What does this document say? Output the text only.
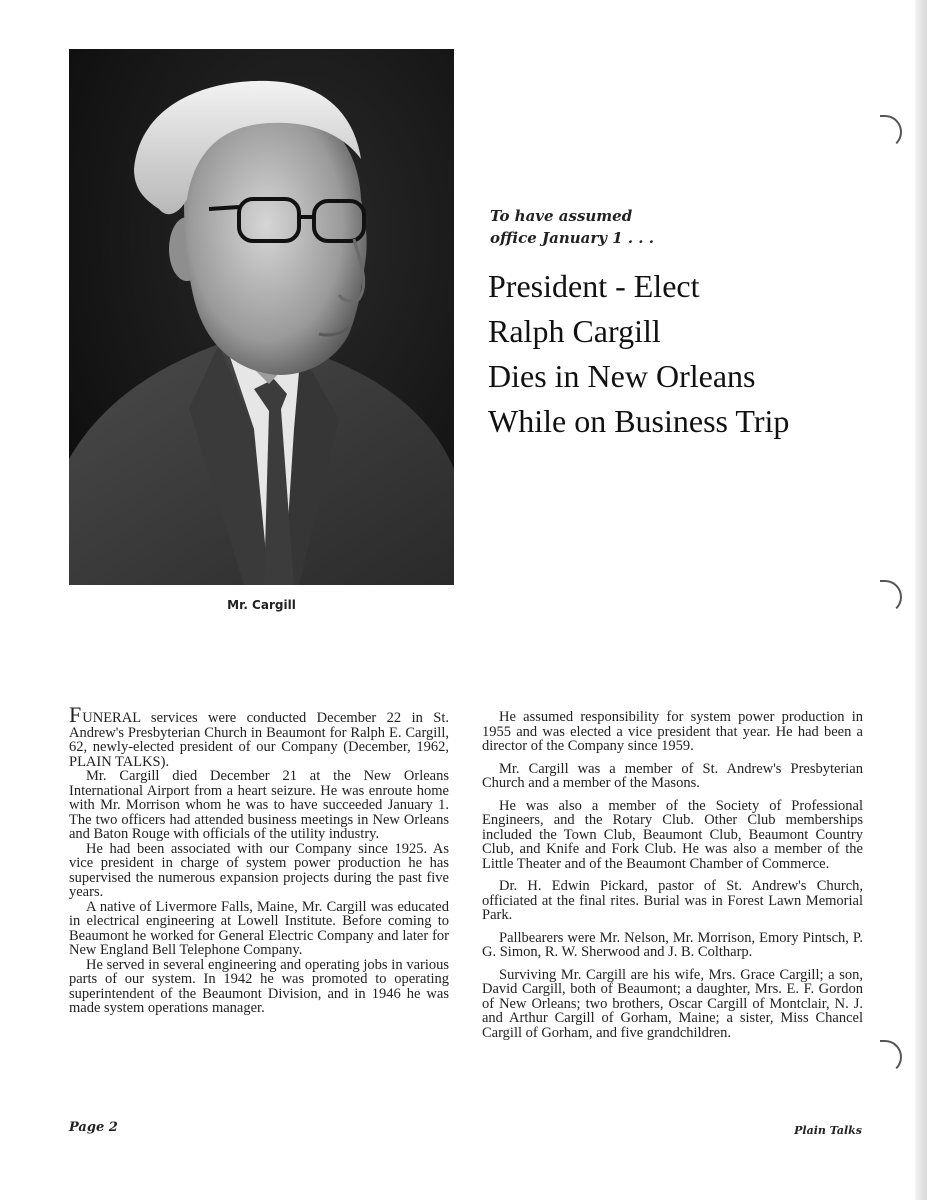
Mr. Cargill
To have assumed
office January 1 . . .
President - Elect
Ralph Cargill
Dies in New Orleans
While on Business Trip

FUNERAL services were conducted December 22 in St. Andrew's Presbyterian Church in Beaumont for Ralph E. Cargill, 62, newly-elected president of our Company (December, 1962, PLAIN TALKS).

Mr. Cargill died December 21 at the New Orleans International Airport from a heart seizure. He was enroute home with Mr. Morrison whom he was to have succeeded January 1. The two officers had attended business meetings in New Orleans and Baton Rouge with officials of the utility industry.

He had been associated with our Company since 1925. As vice president in charge of system power production he has supervised the numerous expansion projects during the past five years.

A native of Livermore Falls, Maine, Mr. Cargill was educated in electrical engineering at Lowell Institute. Before coming to Beaumont he worked for General Electric Company and later for New England Bell Telephone Company.

He served in several engineering and operating jobs in various parts of our system. In 1942 he was promoted to operating superintendent of the Beaumont Division, and in 1946 he was made system operations manager.

He assumed responsibility for system power production in 1955 and was elected a vice president that year. He had been a director of the Company since 1959.

Mr. Cargill was a member of St. Andrew's Presbyterian Church and a member of the Masons.

He was also a member of the Society of Professional Engineers, and the Rotary Club. Other Club memberships included the Town Club, Beaumont Club, Beaumont Country Club, and Knife and Fork Club. He was also a member of the Little Theater and of the Beaumont Chamber of Commerce.

Dr. H. Edwin Pickard, pastor of St. Andrew's Church, officiated at the final rites. Burial was in Forest Lawn Memorial Park.

Pallbearers were Mr. Nelson, Mr. Morrison, Emory Pintsch, P. G. Simon, R. W. Sherwood and J. B. Coltharp.

Surviving Mr. Cargill are his wife, Mrs. Grace Cargill; a son, David Cargill, both of Beaumont; a daughter, Mrs. E. F. Gordon of New Orleans; two brothers, Oscar Cargill of Montclair, N. J. and Arthur Cargill of Gorham, Maine; a sister, Miss Chancel Cargill of Gorham, and five grandchildren.

Page 2	Plain Talks
